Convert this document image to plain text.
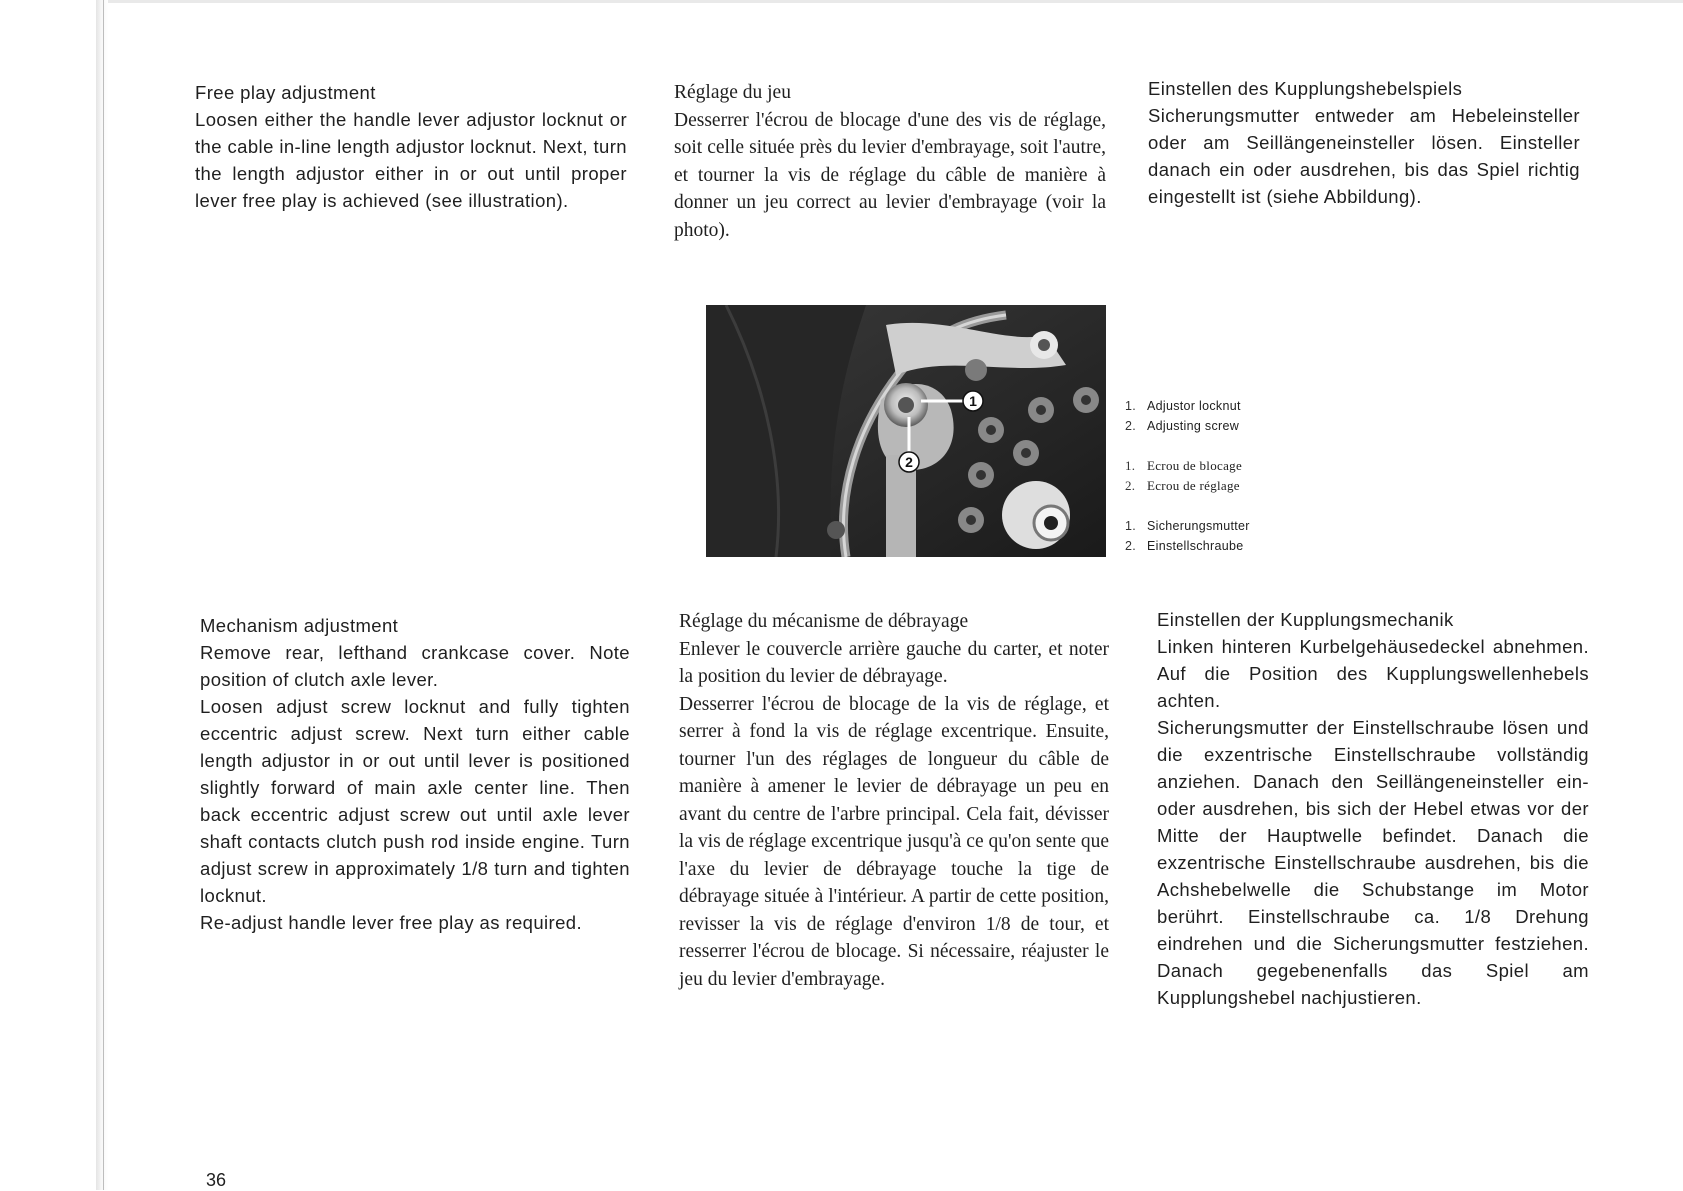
Free play adjustment

Loosen either the handle lever adjustor locknut or the cable in-line length adjustor locknut. Next, turn the length adjustor either in or out until proper lever free play is achieved (see illustration).

Réglage du jeu

Desserrer l'écrou de blocage d'une des vis de réglage, soit celle située près du levier d'embrayage, soit l'autre, et tourner la vis de réglage du câble de manière à donner un jeu correct au levier d'embrayage (voir la photo).

Einstellen des Kupplungshebelspiels

Sicherungsmutter entweder am Hebeleinsteller oder am Seillängeneinsteller lösen. Einsteller danach ein oder ausdrehen, bis das Spiel richtig eingestellt ist (siehe Abbildung).

1
2
1. Adjustor locknut
2. Adjusting screw
1. Ecrou de blocage
2. Ecrou de réglage
1. Sicherungsmutter
2. Einstellschraube
Mechanism adjustment

Remove rear, lefthand crankcase cover. Note position of clutch axle lever.

Loosen adjust screw locknut and fully tighten eccentric adjust screw. Next turn either cable length adjustor in or out until lever is positioned slightly forward of main axle center line. Then back eccentric adjust screw out until axle lever shaft contacts clutch push rod inside engine. Turn adjust screw in approximately 1/8 turn and tighten locknut.

Re-adjust handle lever free play as required.

Réglage du mécanisme de débrayage

Enlever le couvercle arrière gauche du carter, et noter la position du levier de débrayage.

Desserrer l'écrou de blocage de la vis de réglage, et serrer à fond la vis de réglage excentrique. Ensuite, tourner l'un des réglages de longueur du câble de manière à amener le levier de débrayage un peu en avant du centre de l'arbre principal. Cela fait, dévisser la vis de réglage excentrique jusqu'à ce qu'on sente que l'axe du levier de débrayage touche la tige de débrayage située à l'intérieur. A partir de cette position, revisser la vis de réglage d'environ 1/8 de tour, et resserrer l'écrou de blocage. Si nécessaire, réajuster le jeu du levier d'embrayage.

Einstellen der Kupplungsmechanik

Linken hinteren Kurbelgehäusedeckel abnehmen. Auf die Position des Kupplungswellenhebels achten.

Sicherungsmutter der Einstellschraube lösen und die exzentrische Einstellschraube vollständig anziehen. Danach den Seillängeneinsteller ein- oder ausdrehen, bis sich der Hebel etwas vor der Mitte der Hauptwelle befindet. Danach die exzentrische Einstellschraube ausdrehen, bis die Achshebelwelle die Schubstange im Motor berührt. Einstellschraube ca. 1/8 Drehung eindrehen und die Sicherungsmutter festziehen. Danach gegebenenfalls das Spiel am Kupplungshebel nachjustieren.

36
